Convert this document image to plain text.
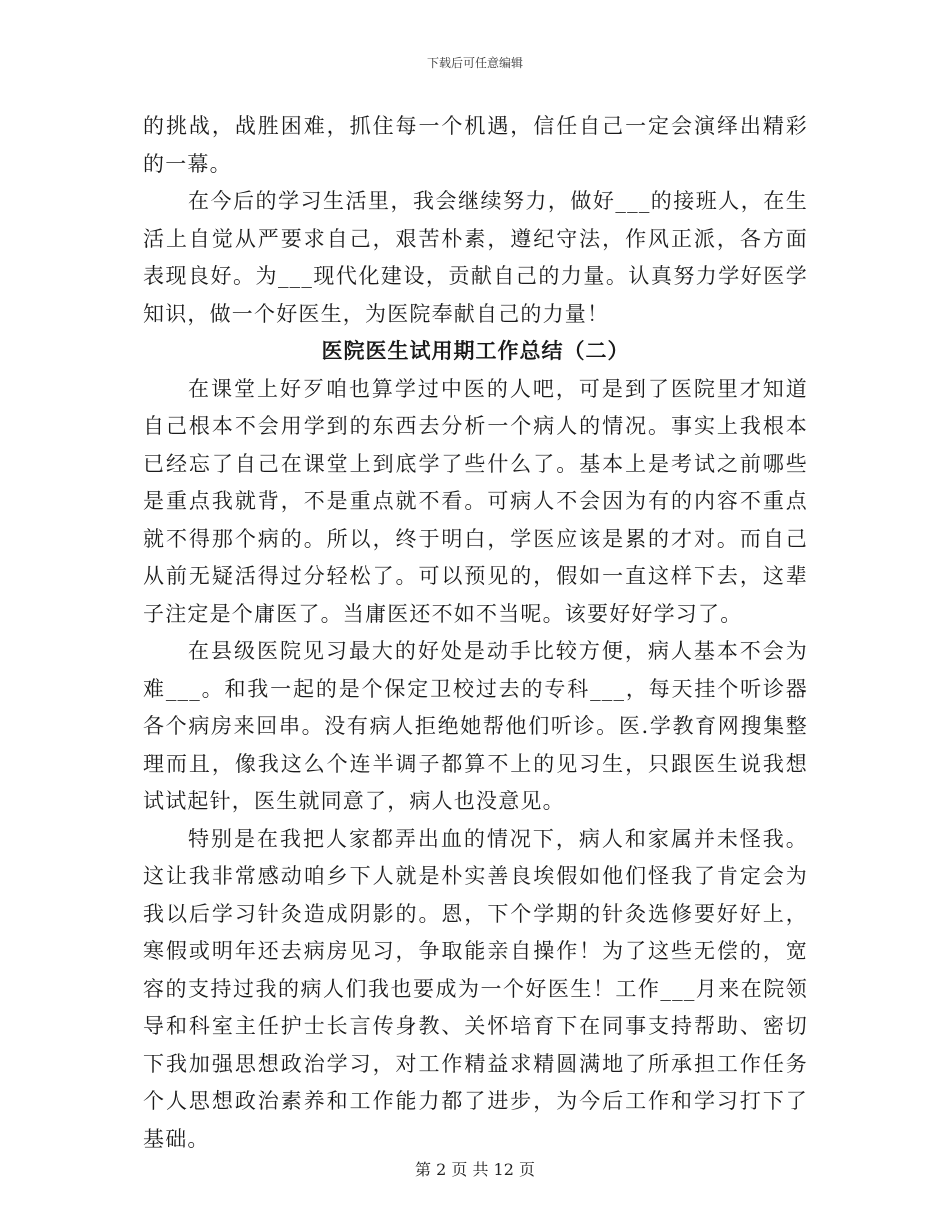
下载后可任意编辑

的挑战，战胜困难，抓住每一个机遇，信任自己一定会演绎出精彩的一幕。

在今后的学习生活里，我会继续努力，做好___的接班人，在生活上自觉从严要求自己，艰苦朴素，遵纪守法，作风正派，各方面表现良好。为___现代化建设，贡献自己的力量。认真努力学好医学知识，做一个好医生，为医院奉献自己的力量！

医院医生试用期工作总结（二）

在课堂上好歹咱也算学过中医的人吧，可是到了医院里才知道自己根本不会用学到的东西去分析一个病人的情况。事实上我根本已经忘了自己在课堂上到底学了些什么了。基本上是考试之前哪些是重点我就背，不是重点就不看。可病人不会因为有的内容不重点就不得那个病的。所以，终于明白，学医应该是累的才对。而自己从前无疑活得过分轻松了。可以预见的，假如一直这样下去，这辈子注定是个庸医了。当庸医还不如不当呢。该要好好学习了。

在县级医院见习最大的好处是动手比较方便，病人基本不会为难___。和我一起的是个保定卫校过去的专科___，每天挂个听诊器各个病房来回串。没有病人拒绝她帮他们听诊。医.学教育网搜集整理而且，像我这么个连半调子都算不上的见习生，只跟医生说我想试试起针，医生就同意了，病人也没意见。

特别是在我把人家都弄出血的情况下，病人和家属并未怪我。这让我非常感动咱乡下人就是朴实善良埃假如他们怪我了肯定会为我以后学习针灸造成阴影的。恩，下个学期的针灸选修要好好上，寒假或明年还去病房见习，争取能亲自操作！为了这些无偿的，宽容的支持过我的病人们我也要成为一个好医生！工作___月来在院领导和科室主任护士长言传身教、关怀培育下在同事支持帮助、密切下我加强思想政治学习，对工作精益求精圆满地了所承担工作任务个人思想政治素养和工作能力都了进步，为今后工作和学习打下了基础。

第 2 页 共 12 页
